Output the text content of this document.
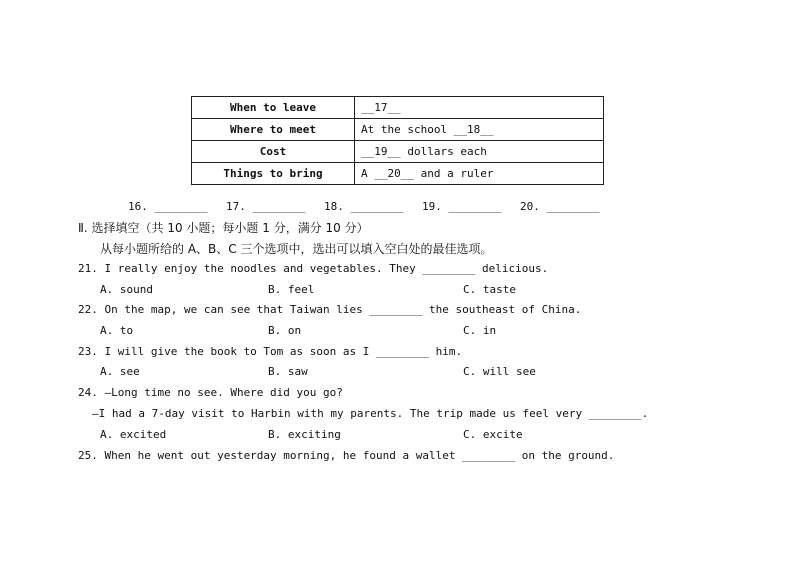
When to leave	__17__
Where to meet	At the school __18__
Cost	__19__ dollars each
Things to bring	A __20__ and a ruler
16. ________ 17. ________ 18. ________ 19. ________ 20. ________
Ⅱ. 选择填空（共 10 小题；每小题 1 分，满分 10 分）
从每小题所给的 A、B、C 三个选项中，选出可以填入空白处的最佳选项。
21. I really enjoy the noodles and vegetables. They ________ delicious.
A. sound	B. feel	C. taste
22. On the map, we can see that Taiwan lies ________ the southeast of China.
A. to	B. on	C. in
23. I will give the book to Tom as soon as I ________ him.
A. see	B. saw	C. will see
24. —Long time no see. Where did you go?
—I had a 7-day visit to Harbin with my parents. The trip made us feel very ________.
A. excited	B. exciting	C. excite
25. When he went out yesterday morning, he found a wallet ________ on the ground.
